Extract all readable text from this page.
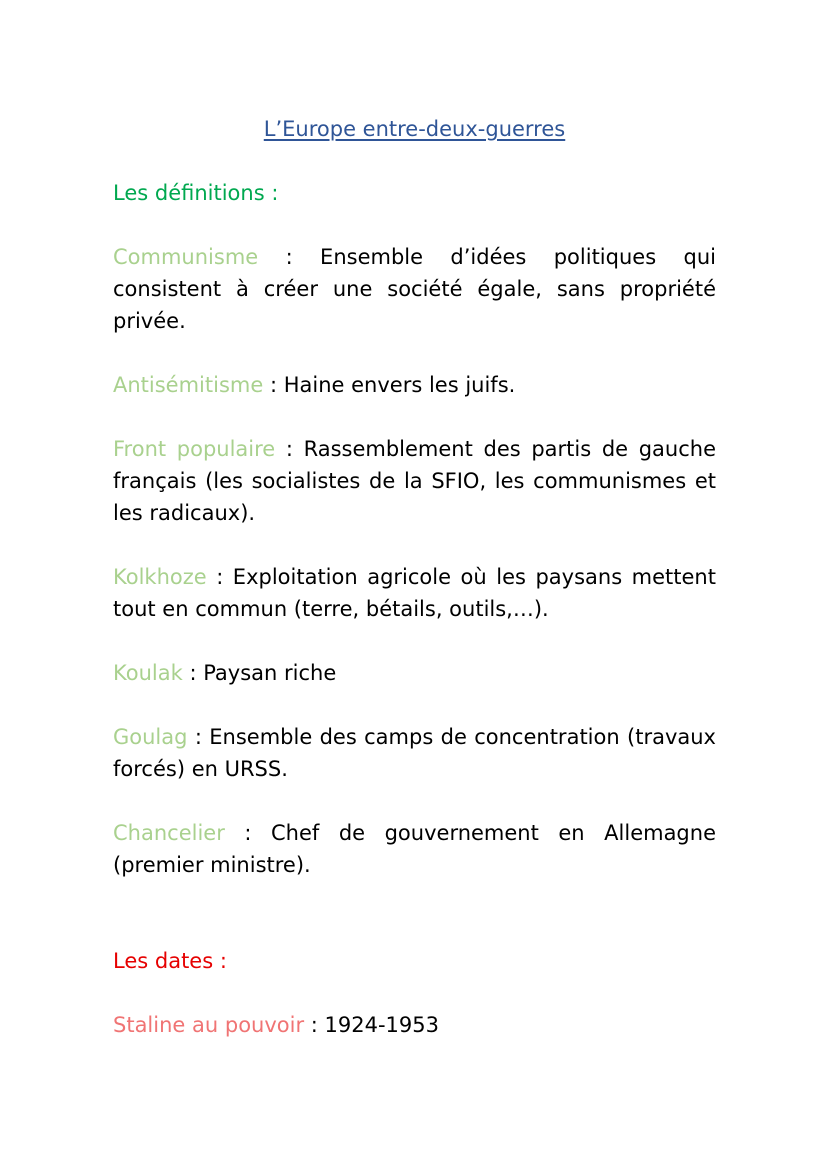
L’Europe entre-deux-guerres
Les définitions :

Communisme : Ensemble d’idées politiques qui consistent à créer une société égale, sans propriété privée.

Antisémitisme : Haine envers les juifs.

Front populaire : Rassemblement des partis de gauche français (les socialistes de la SFIO, les communismes et les radicaux).

Kolkhoze : Exploitation agricole où les paysans mettent tout en commun (terre, bétails, outils,…).

Koulak : Paysan riche

Goulag : Ensemble des camps de concentration (travaux forcés) en URSS.

Chancelier : Chef de gouvernement en Allemagne (premier ministre).

Les dates :

Staline au pouvoir : 1924-1953
